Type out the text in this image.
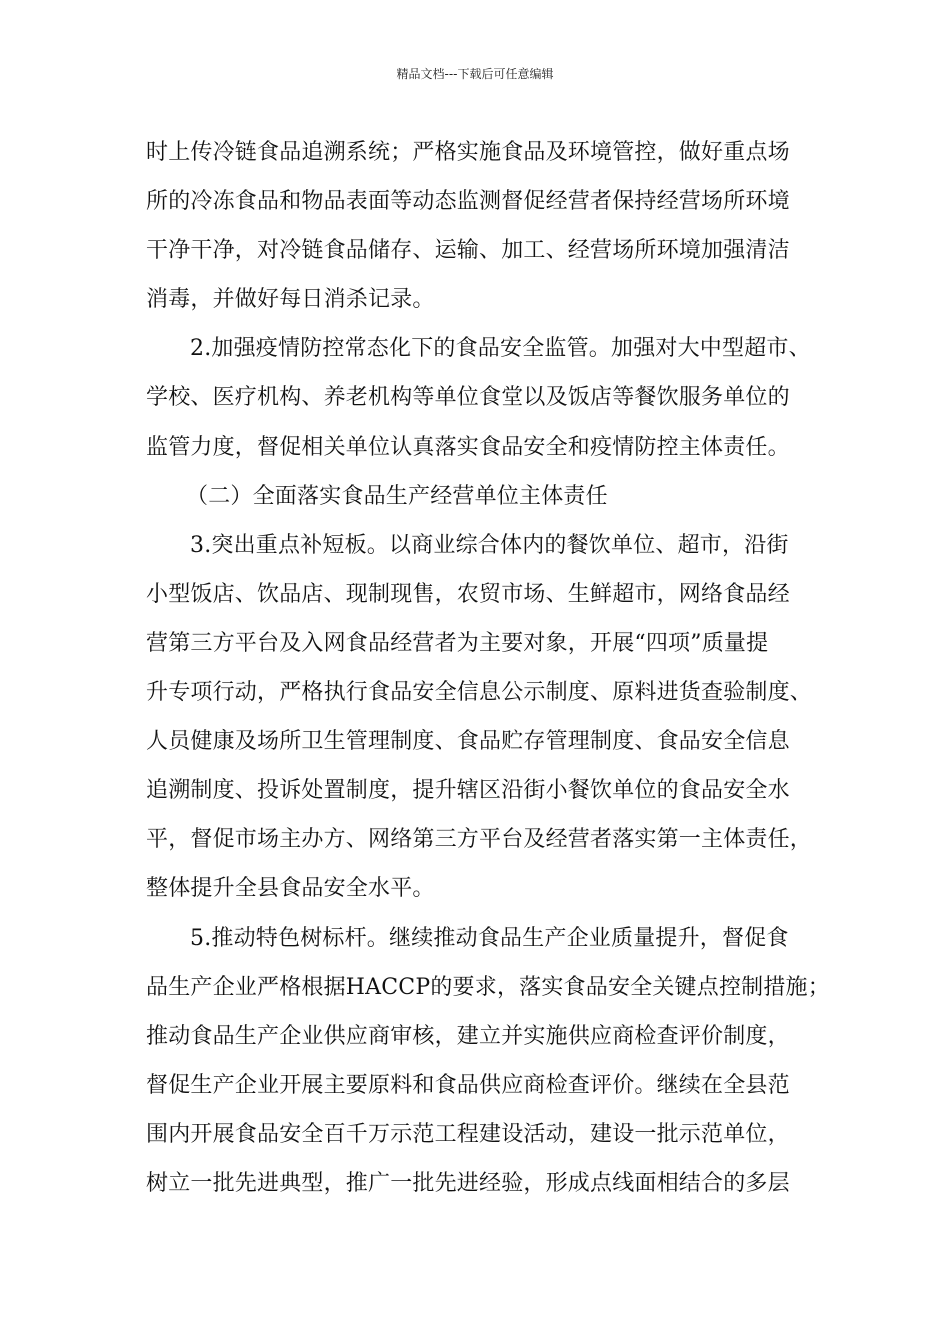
精品文档---下载后可任意编辑
时上传冷链食品追溯系统；严格实施食品及环境管控，做好重点场
所的冷冻食品和物品表面等动态监测督促经营者保持经营场所环境
干净干净，对冷链食品储存、运输、加工、经营场所环境加强清洁
消毒，并做好每日消杀记录。
2.加强疫情防控常态化下的食品安全监管。加强对大中型超市、
学校、医疗机构、养老机构等单位食堂以及饭店等餐饮服务单位的
监管力度，督促相关单位认真落实食品安全和疫情防控主体责任。
（二）全面落实食品生产经营单位主体责任
3.突出重点补短板。以商业综合体内的餐饮单位、超市，沿街
小型饭店、饮品店、现制现售，农贸市场、生鲜超市，网络食品经
营第三方平台及入网食品经营者为主要对象，开展“四项”质量提
升专项行动，严格执行食品安全信息公示制度、原料进货查验制度、
人员健康及场所卫生管理制度、食品贮存管理制度、食品安全信息
追溯制度、投诉处置制度，提升辖区沿街小餐饮单位的食品安全水
平，督促市场主办方、网络第三方平台及经营者落实第一主体责任，
整体提升全县食品安全水平。
5.推动特色树标杆。继续推动食品生产企业质量提升，督促食
品生产企业严格根据HACCP的要求，落实食品安全关键点控制措施；
推动食品生产企业供应商审核，建立并实施供应商检查评价制度，
督促生产企业开展主要原料和食品供应商检查评价。继续在全县范
围内开展食品安全百千万示范工程建设活动，建设一批示范单位，
树立一批先进典型，推广一批先进经验，形成点线面相结合的多层
